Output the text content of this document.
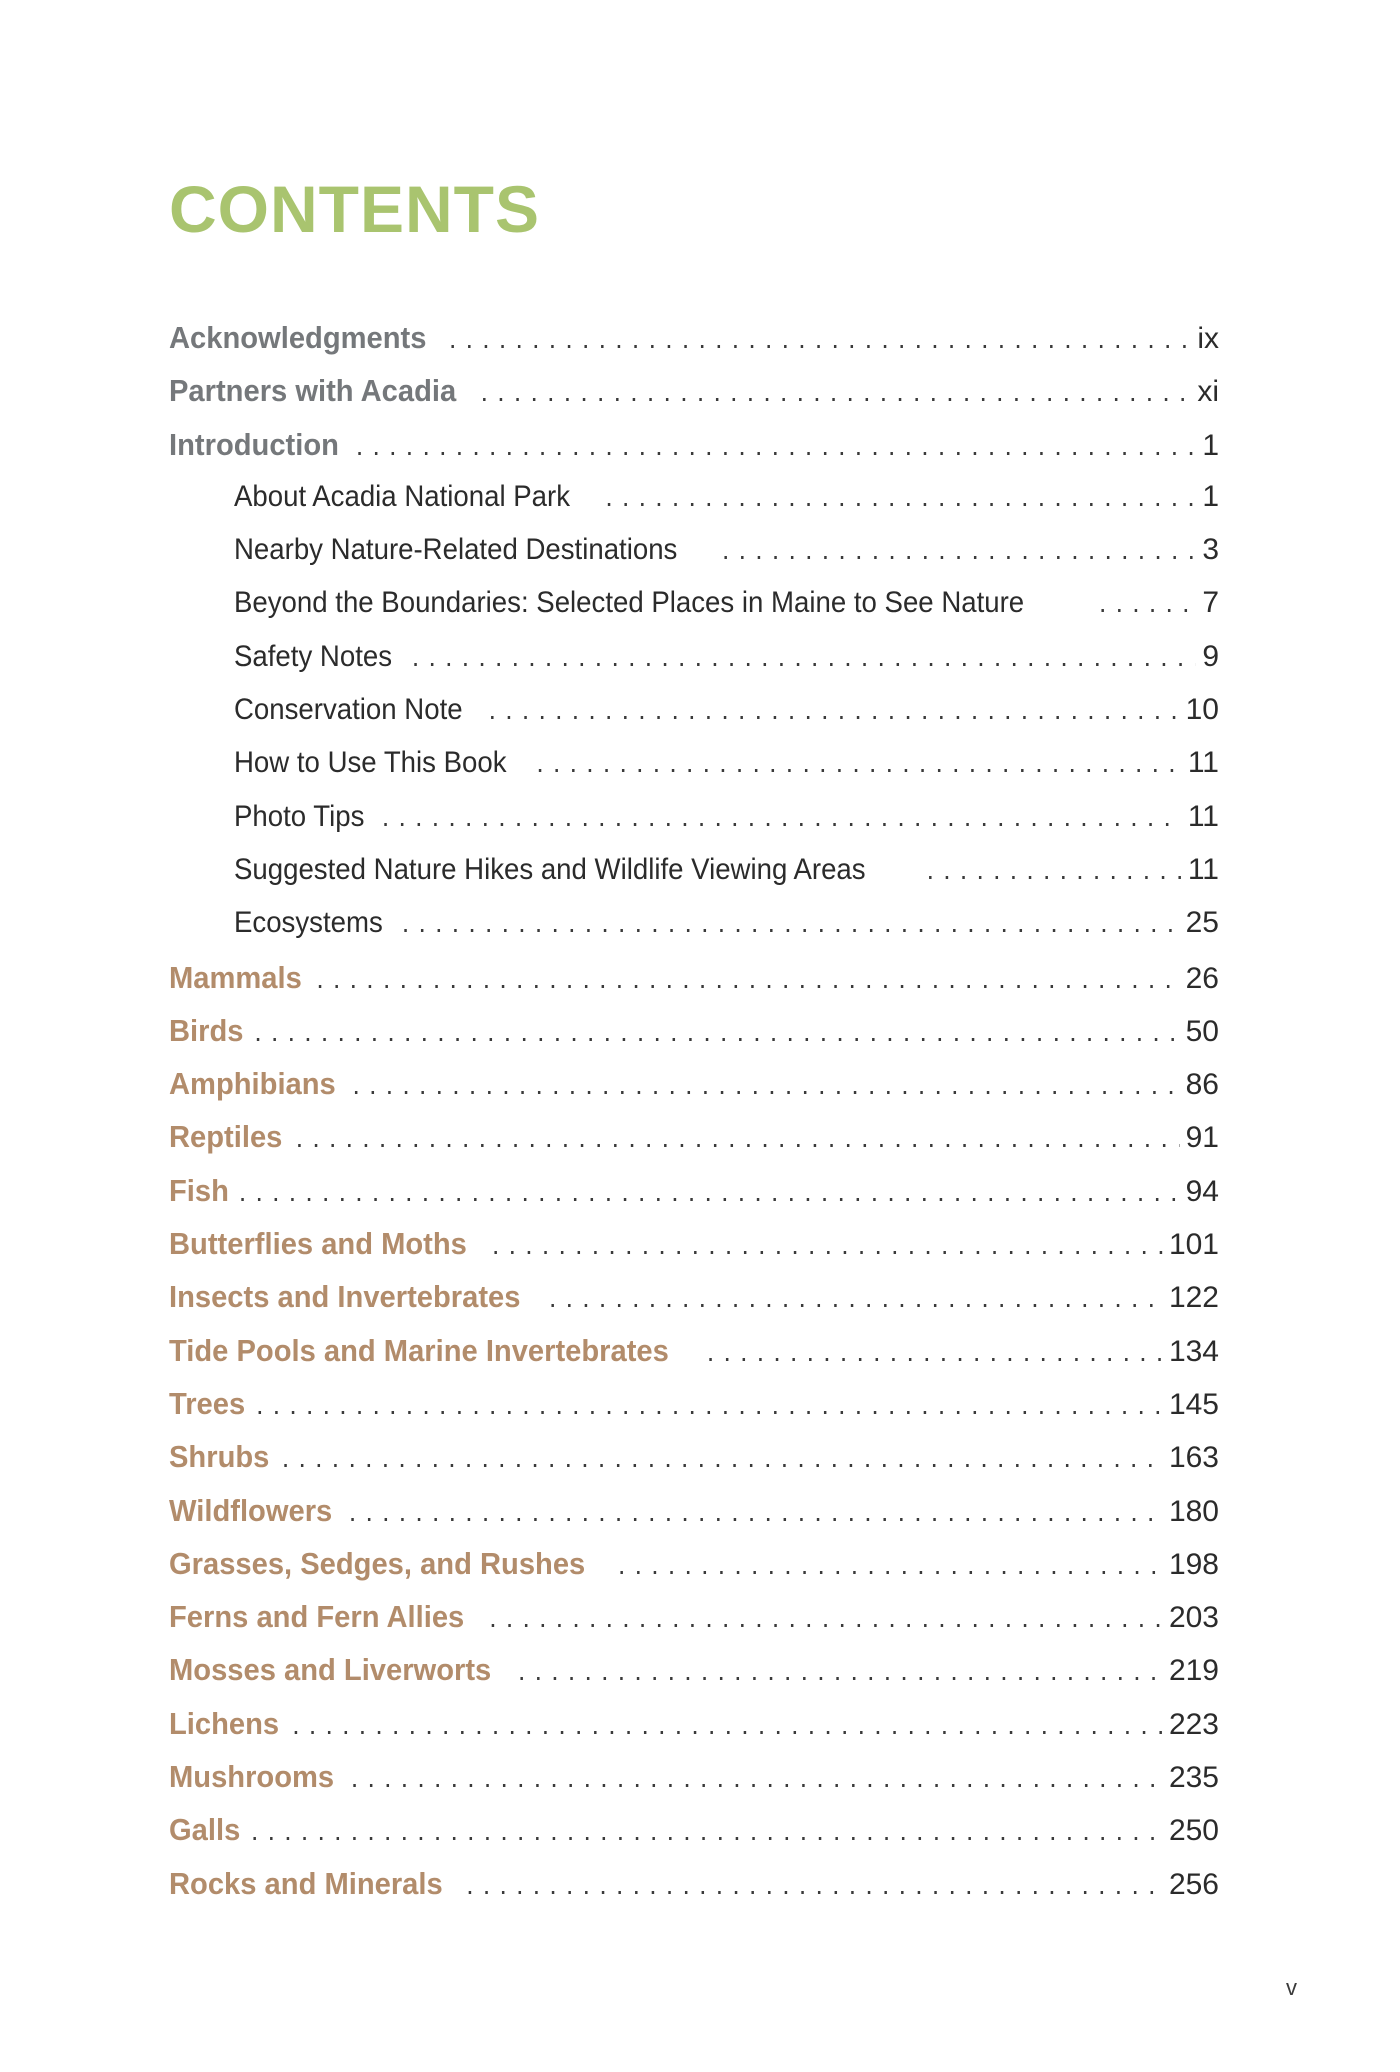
CONTENTS
Acknowledgments .....	ix
Partners with Acadia .....	xi
Introduction .....	1
About Acadia National Park .....	1
Nearby Nature-Related Destinations .....	3
Beyond the Boundaries: Selected Places in Maine to See Nature .....	7
Safety Notes .....	9
Conservation Note .....	10
How to Use This Book .....	11
Photo Tips .....	11
Suggested Nature Hikes and Wildlife Viewing Areas .....	11
Ecosystems .....	25
Mammals .....	26
Birds .....	50
Amphibians .....	86
Reptiles .....	91
Fish .....	94
Butterflies and Moths .....	101
Insects and Invertebrates .....	122
Tide Pools and Marine Invertebrates .....	134
Trees .....	145
Shrubs .....	163
Wildflowers .....	180
Grasses, Sedges, and Rushes .....	198
Ferns and Fern Allies .....	203
Mosses and Liverworts .....	219
Lichens .....	223
Mushrooms .....	235
Galls .....	250
Rocks and Minerals .....	256
v
